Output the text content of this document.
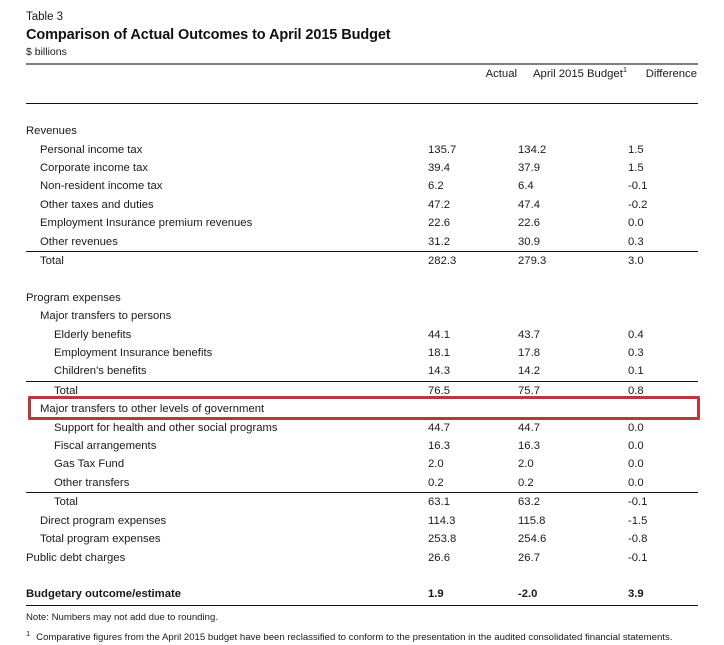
Table 3
Comparison of Actual Outcomes to April 2015 Budget
$ billions
	Actual	April 2015 Budget$^1$	Difference

Revenues			
Personal income tax	135.7	134.2	1.5
Corporate income tax	39.4	37.9	1.5
Non-resident income tax	6.2	6.4	-0.1
Other taxes and duties	47.2	47.4	-0.2
Employment Insurance premium revenues	22.6	22.6	0.0
Other revenues	31.2	30.9	0.3
Total	282.3	279.3	3.0

Program expenses			
Major transfers to persons			
Elderly benefits	44.1	43.7	0.4
Employment Insurance benefits	18.1	17.8	0.3
Children's benefits	14.3	14.2	0.1
Total	76.5	75.7	0.8
Major transfers to other levels of government			
Support for health and other social programs	44.7	44.7	0.0
Fiscal arrangements	16.3	16.3	0.0
Gas Tax Fund	2.0	2.0	0.0
Other transfers	0.2	0.2	0.0
Total	63.1	63.2	-0.1
Direct program expenses	114.3	115.8	-1.5
Total program expenses	253.8	254.6	-0.8
Public debt charges	26.6	26.7	-0.1

Budgetary outcome/estimate	1.9	-2.0	3.9

Note: Numbers may not add due to rounding.
$^1$ Comparative figures from the April 2015 budget have been reclassified to conform to the presentation in the audited consolidated financial statements.
